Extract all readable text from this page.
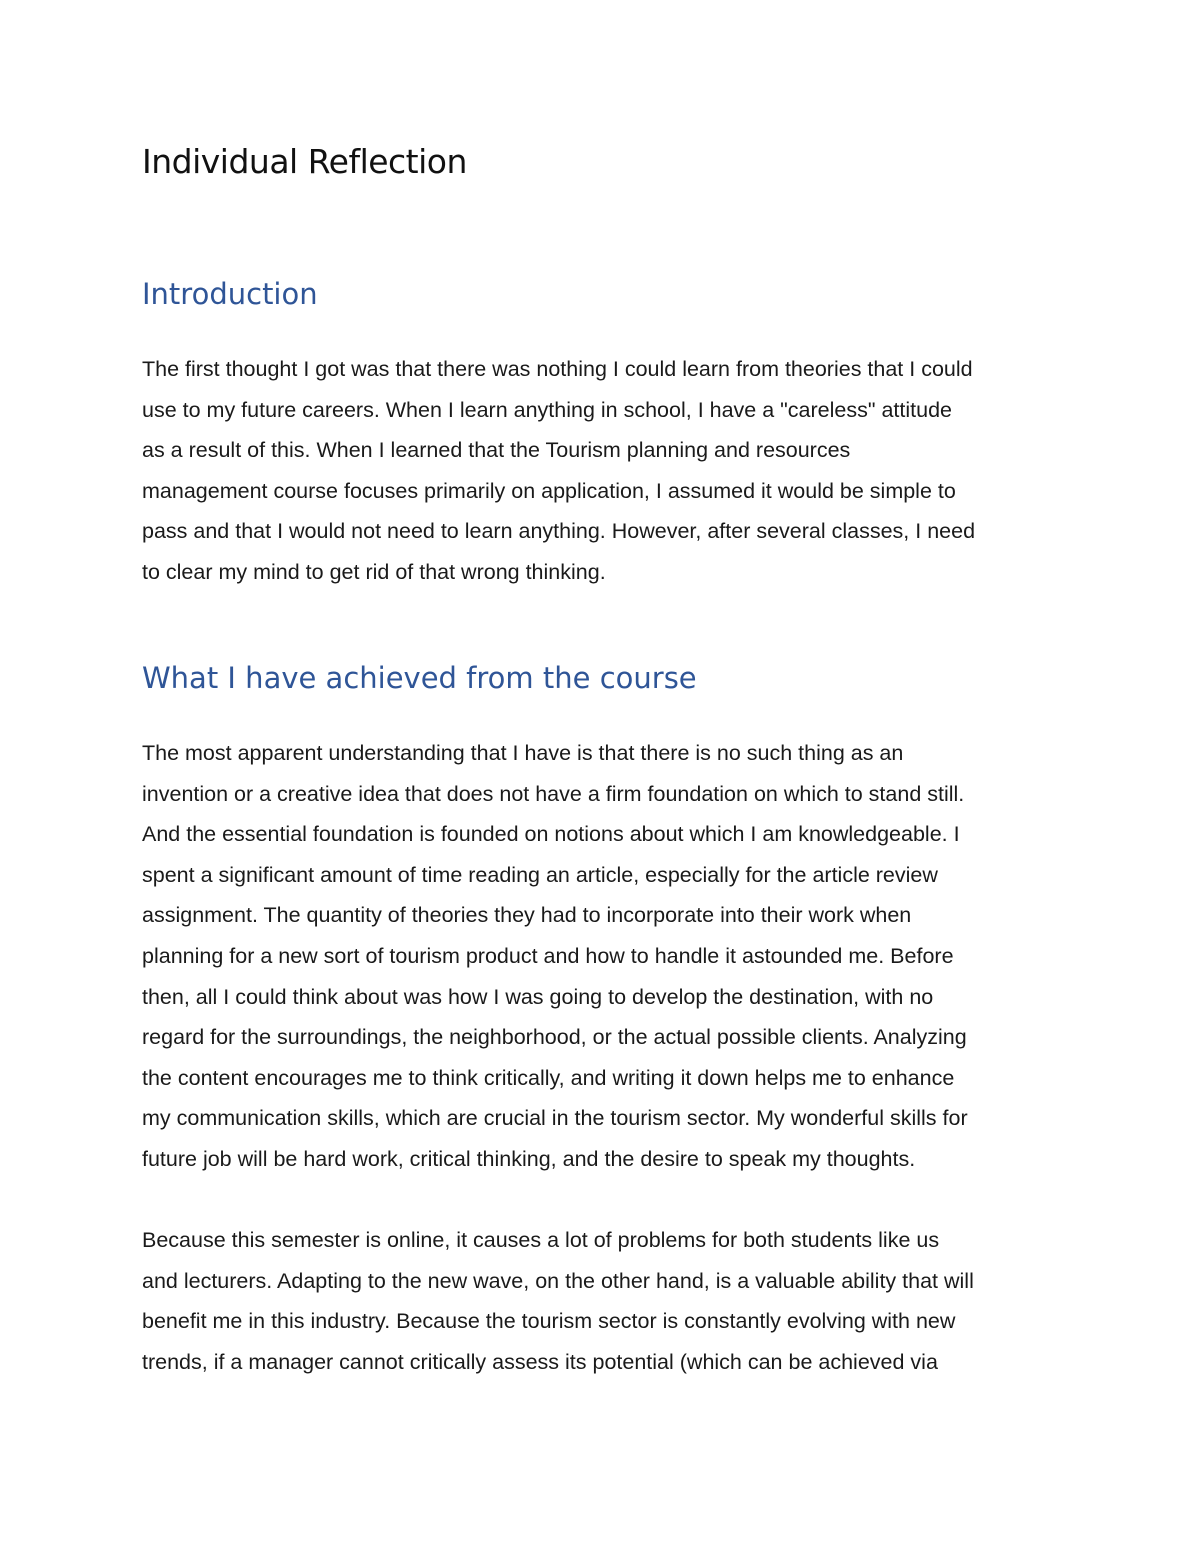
Individual Reflection
Introduction

The first thought I got was that there was nothing I could learn from theories that I could
use to my future careers. When I learn anything in school, I have a "careless" attitude
as a result of this. When I learned that the Tourism planning and resources
management course focuses primarily on application, I assumed it would be simple to
pass and that I would not need to learn anything. However, after several classes, I need
to clear my mind to get rid of that wrong thinking.

What I have achieved from the course

The most apparent understanding that I have is that there is no such thing as an
invention or a creative idea that does not have a firm foundation on which to stand still.
And the essential foundation is founded on notions about which I am knowledgeable. I
spent a significant amount of time reading an article, especially for the article review
assignment. The quantity of theories they had to incorporate into their work when
planning for a new sort of tourism product and how to handle it astounded me. Before
then, all I could think about was how I was going to develop the destination, with no
regard for the surroundings, the neighborhood, or the actual possible clients. Analyzing
the content encourages me to think critically, and writing it down helps me to enhance
my communication skills, which are crucial in the tourism sector. My wonderful skills for
future job will be hard work, critical thinking, and the desire to speak my thoughts.

Because this semester is online, it causes a lot of problems for both students like us
and lecturers. Adapting to the new wave, on the other hand, is a valuable ability that will
benefit me in this industry. Because the tourism sector is constantly evolving with new
trends, if a manager cannot critically assess its potential (which can be achieved via
